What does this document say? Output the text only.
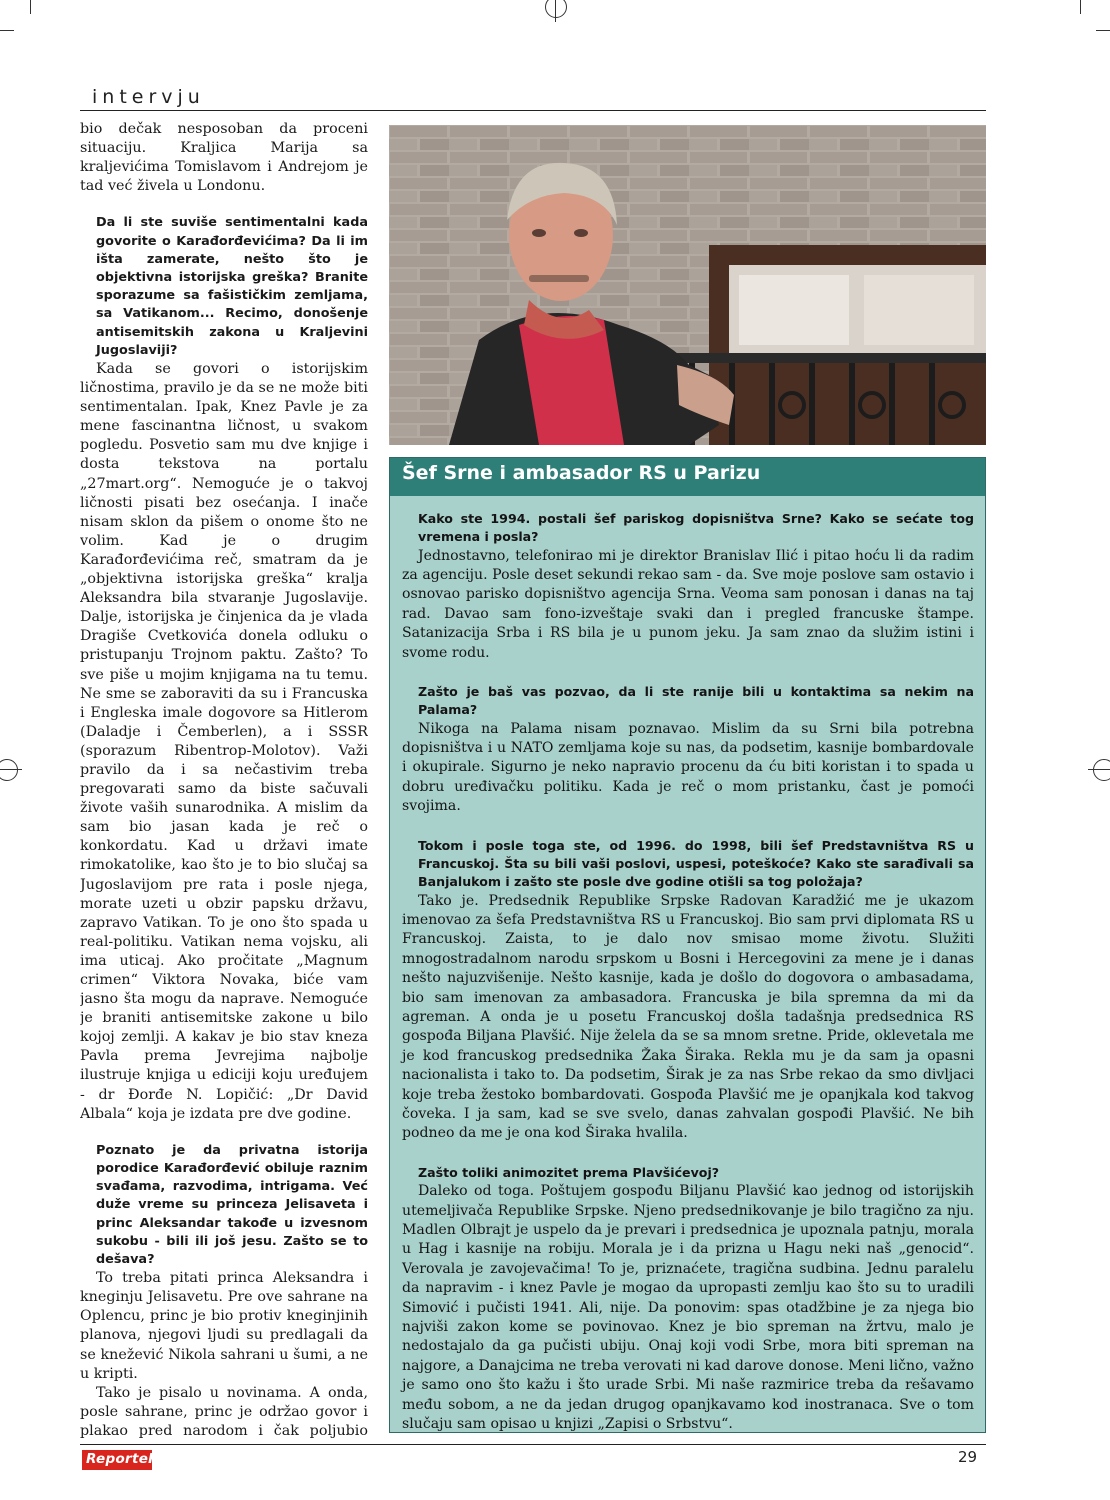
intervju

bio dečak nesposoban da proceni situaciju. Kraljica Marija sa kraljevićima Tomislavom i Andrejom je tad već živela u Londonu.

Da li ste suviše sentimentalni kada govorite o Karađorđevićima? Da li im išta zamerate, nešto što je objektivna istorijska greška? Branite sporazume sa fašističkim zemljama, sa Vatikanom... Recimo, donošenje antisemitskih zakona u Kraljevini Jugoslaviji?

Kada se govori o istorijskim ličnostima, pravilo je da se ne može biti sentimentalan. Ipak, Knez Pavle je za mene fascinantna ličnost, u svakom pogledu. Posvetio sam mu dve knjige i dosta tekstova na portalu „27mart.org“. Nemoguće je o takvoj ličnosti pisati bez osećanja. I inače nisam sklon da pišem o onome što ne volim. Kad je o drugim Karađorđevićima reč, smatram da je „objektivna istorijska greška“ kralja Aleksandra bila stvaranje Jugoslavije. Dalje, istorijska je činjenica da je vlada Dragiše Cvetkovića donela odluku o pristupanju Trojnom paktu. Zašto? To sve piše u mojim knjigama na tu temu. Ne sme se zaboraviti da su i Francuska i Engleska imale dogovore sa Hitlerom (Daladje i Čemberlen), a i SSSR (sporazum Ribentrop-Molotov). Važi pravilo da i sa nečastivim treba pregovarati samo da biste sačuvali živote vaših sunarodnika. A mislim da sam bio jasan kada je reč o konkordatu. Kad u državi imate rimokatolike, kao što je to bio slučaj sa Jugoslavijom pre rata i posle njega, morate uzeti u obzir papsku državu, zapravo Vatikan. To je ono što spada u real-politiku. Vatikan nema vojsku, ali ima uticaj. Ako pročitate „Magnum crimen“ Viktora Novaka, biće vam jasno šta mogu da naprave. Nemoguće je braniti antisemitske zakone u bilo kojoj zemlji. A kakav je bio stav kneza Pavla prema Jevrejima najbolje ilustruje knjiga u ediciji koju uređujem - dr Đorđe N. Lopičić: „Dr David Albala“ koja je izdata pre dve godine.

Poznato je da privatna istorija porodice Karađorđević obiluje raznim svađama, razvodima, intrigama. Već duže vreme su princeza Jelisaveta i princ Aleksandar takođe u izvesnom sukobu - bili ili još jesu. Zašto se to dešava?

To treba pitati princa Aleksandra i kneginju Jelisavetu. Pre ove sahrane na Oplencu, princ je bio protiv kneginjinih planova, njegovi ljudi su predlagali da se knežević Nikola sahrani u šumi, a ne u kripti.

Tako je pisalo u novinama. A onda, posle sahrane, princ je održao govor i plakao pred narodom i čak poljubio

Šef Srne i ambasador RS u Parizu

Kako ste 1994. postali šef pariskog dopisništva Srne? Kako se sećate tog vremena i posla?

Jednostavno, telefonirao mi je direktor Branislav Ilić i pitao hoću li da radim za agenciju. Posle deset sekundi rekao sam - da. Sve moje poslove sam ostavio i osnovao parisko dopisništvo agencija Srna. Veoma sam ponosan i danas na taj rad. Davao sam fono-izveštaje svaki dan i pregled francuske štampe. Satanizacija Srba i RS bila je u punom jeku. Ja sam znao da služim istini i svome rodu.

Zašto je baš vas pozvao, da li ste ranije bili u kontaktima sa nekim na Palama?

Nikoga na Palama nisam poznavao. Mislim da su Srni bila potrebna dopisništva i u NATO zemljama koje su nas, da podsetim, kasnije bombardovale i okupirale. Sigurno je neko napravio procenu da ću biti koristan i to spada u dobru uređivačku politiku. Kada je reč o mom pristanku, čast je pomoći svojima.

Tokom i posle toga ste, od 1996. do 1998, bili šef Predstavništva RS u Francuskoj. Šta su bili vaši poslovi, uspesi, poteškoće? Kako ste sarađivali sa Banjalukom i zašto ste posle dve godine otišli sa tog položaja?

Tako je. Predsednik Republike Srpske Radovan Karadžić me je ukazom imenovao za šefa Predstavništva RS u Francuskoj. Bio sam prvi diplomata RS u Francuskoj. Zaista, to je dalo nov smisao mome životu. Služiti mnogostradalnom narodu srpskom u Bosni i Hercegovini za mene je i danas nešto najuzvišenije. Nešto kasnije, kada je došlo do dogovora o ambasadama, bio sam imenovan za ambasadora. Francuska je bila spremna da mi da agreman. A onda je u posetu Francuskoj došla tadašnja predsednica RS gospođa Biljana Plavšić. Nije želela da se sa mnom sretne. Pride, oklevetala me je kod francuskog predsednika Žaka Širaka. Rekla mu je da sam ja opasni nacionalista i tako to. Da podsetim, Širak je za nas Srbe rekao da smo divljaci koje treba žestoko bombardovati. Gospođa Plavšić me je opanjkala kod takvog čoveka. I ja sam, kad se sve svelo, danas zahvalan gospođi Plavšić. Ne bih podneo da me je ona kod Širaka hvalila.

Zašto toliki animozitet prema Plavšićevoj?

Daleko od toga. Poštujem gospođu Biljanu Plavšić kao jednog od istorijskih utemeljivača Republike Srpske. Njeno predsednikovanje je bilo tragično za nju. Madlen Olbrajt je uspelo da je prevari i predsednica je upoznala patnju, morala u Hag i kasnije na robiju. Morala je i da prizna u Hagu neki naš „genocid“. Verovala je zavojevačima! To je, priznaćete, tragična sudbina. Jednu paralelu da napravim - i knez Pavle je mogao da upropasti zemlju kao što su to uradili Simović i pučisti 1941. Ali, nije. Da ponovim: spas otadžbine je za njega bio najviši zakon kome se povinovao. Knez je bio spreman na žrtvu, malo je nedostajalo da ga pučisti ubiju. Onaj koji vodi Srbe, mora biti spreman na najgore, a Danajcima ne treba verovati ni kad darove donose. Meni lično, važno je samo ono što kažu i što urade Srbi. Mi naše razmirice treba da rešavamo među sobom, a ne da jedan drugog opanjkavamo kod inostranaca. Sve o tom slučaju sam opisao u knjizi „Zapisi o Srbstvu“.

ReporteR	29
